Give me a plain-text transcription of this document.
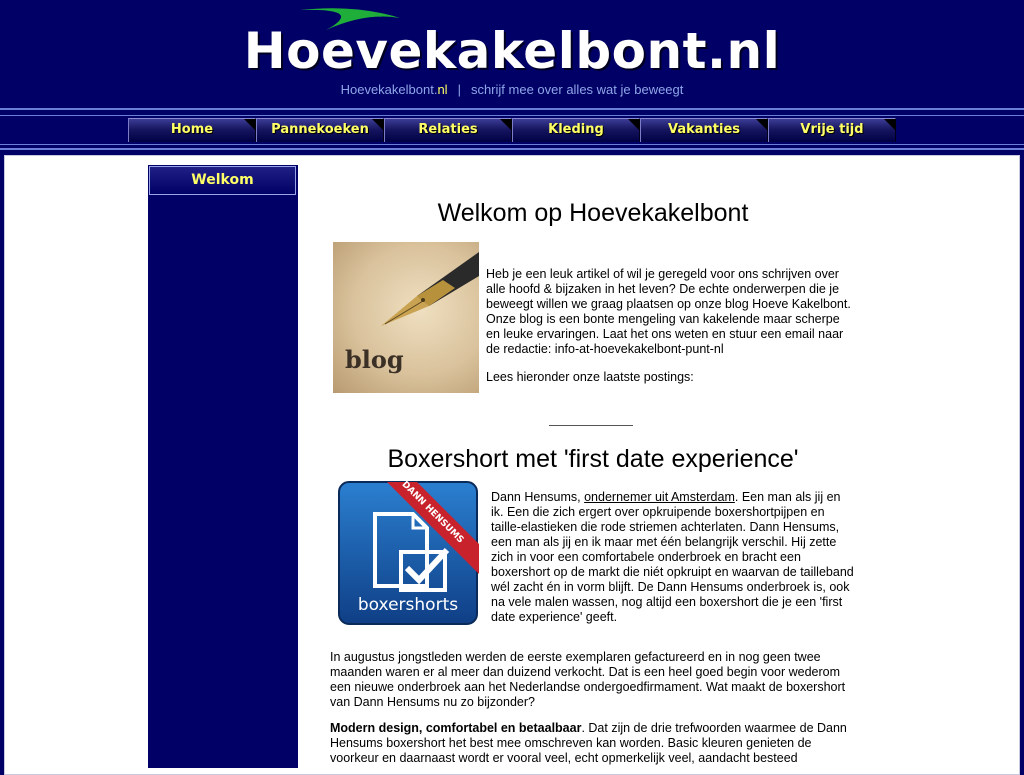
Hoevekakelbont.nl
Hoevekakelbont.nl | schrijf mee over alles wat je beweegt
Home	Pannekoeken	Relaties	Kleding	Vakanties	Vrije tijd
Welkom
Welkom op Hoevekakelbont
blog

Heb je een leuk artikel of wil je geregeld voor ons schrijven over alle hoofd & bijzaken in het leven? De echte onderwerpen die je beweegt willen we graag plaatsen op onze blog Hoeve Kakelbont. Onze blog is een bonte mengeling van kakelende maar scherpe en leuke ervaringen. Laat het ons weten en stuur een email naar de redactie: info-at-hoevekakelbont-punt-nl

Lees hieronder onze laatste postings:

Boxershort met 'first date experience'
DANN HENSUMS
boxershorts

Dann Hensums, ondernemer uit Amsterdam. Een man als jij en ik. Een die zich ergert over opkruipende boxershortpijpen en taille-elastieken die rode striemen achterlaten. Dann Hensums, een man als jij en ik maar met één belangrijk verschil. Hij zette zich in voor een comfortabele onderbroek en bracht een boxershort op de markt die niét opkruipt en waarvan de tailleband wél zacht én in vorm blijft. De Dann Hensums onderbroek is, ook na vele malen wassen, nog altijd een boxershort die je een 'first date experience' geeft.

In augustus jongstleden werden de eerste exemplaren gefactureerd en in nog geen twee maanden waren er al meer dan duizend verkocht. Dat is een heel goed begin voor wederom een nieuwe onderbroek aan het Nederlandse ondergoedfirmament. Wat maakt de boxershort van Dann Hensums nu zo bijzonder?

Modern design, comfortabel en betaalbaar. Dat zijn de drie trefwoorden waarmee de Dann Hensums boxershort het best mee omschreven kan worden. Basic kleuren genieten de voorkeur en daarnaast wordt er vooral veel, echt opmerkelijk veel, aandacht besteed
